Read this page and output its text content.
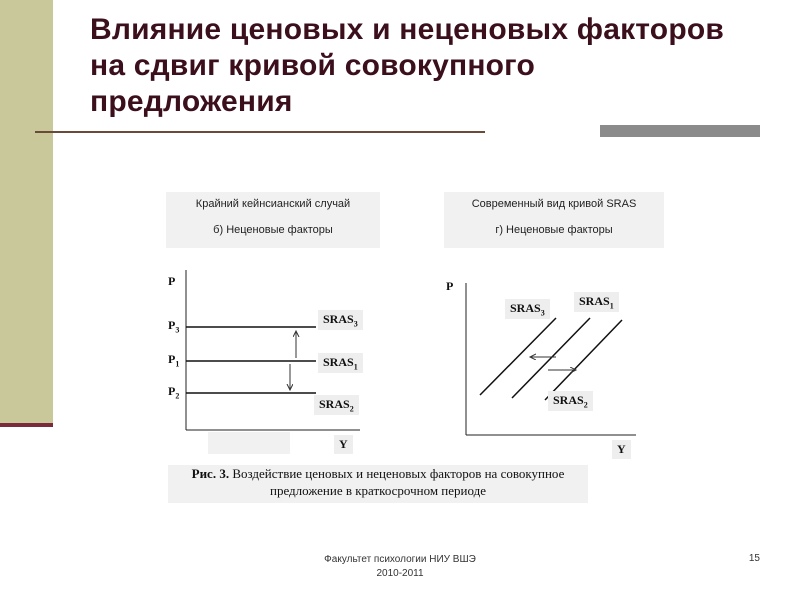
Влияние ценовых и неценовых факторов
на сдвиг кривой совокупного
предложения
Крайний кейнсианский случай
б) Неценовые факторы
Современный вид кривой SRAS
г) Неценовые факторы
P
$P_3$
$P_1$
$P_2$
$SRAS_3$
$SRAS_1$
$SRAS_2$
Y
P
$SRAS_3$
$SRAS_1$
$SRAS_2$
Y
Рис. 3. Воздействие ценовых и неценовых факторов на совокупное предложение в краткосрочном периоде
Факультет психологии НИУ ВШЭ
2010-2011
15
